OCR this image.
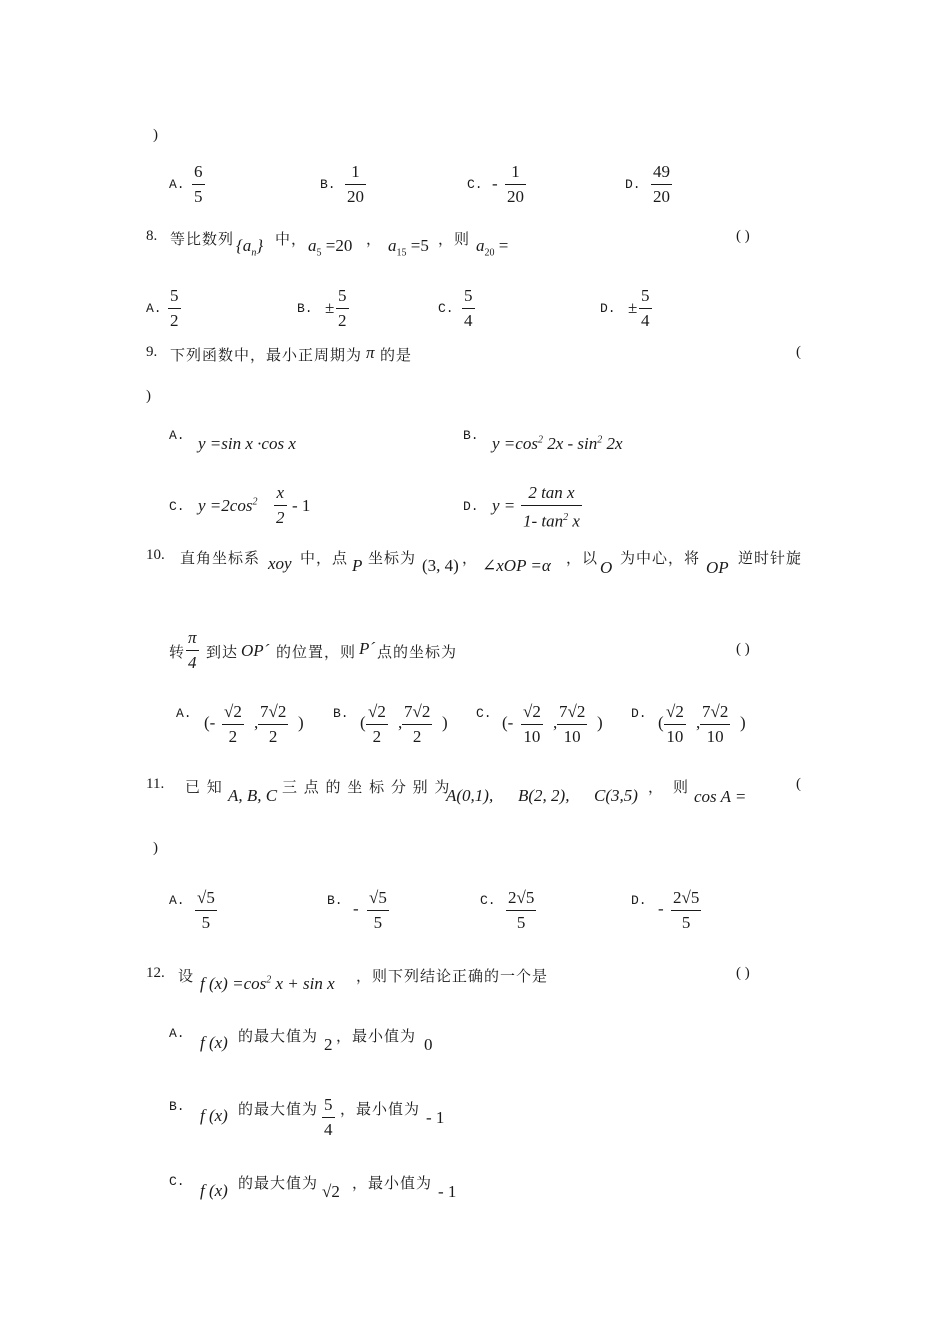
)
A.
6
5
B.
1
20
C. -
1
20
D.
49
20
8. 等比数列 $\{a_n\}$ 中， $a_5 =20$ ， $a_{15} =5$ ，则 $a_{20}$ =	( )
A.
5
2
B. ±
5
2
C.
5
4
D. ±
5
4
9. 下列函数中，最小正周期为 π 的是	(
)
A. y =sin x ·cos x	B. $y =\cos^2$ $2x - \sin^2 2x$
C. $y =2\cos^2$ x
2
- 1	D. y =
2 tan x
1- $\tan^2 x$
10. 直角坐标系 xoy 中，点 P 坐标为 (3, 4) ， ∠xOP =α ，以 O 为中心，将 OP 逆时针旋
转
π
4
到达 OP´ 的位置，则 P´ 点的坐标为	( )
A. (-
√2
2
,
7√2
2
) B. (
√2
2
,
7√2
2
) C. (-
√2
10
,
7√2
10
) D. (
√2
10
,
7√2
10
)
11. 已 知 A, B, C 三 点 的 坐 标 分 别 为
A(0,1), B(2, 2), C(3,5) ， 则 cos A =
(
)
A. √5
5
B. -
√5
5
C. 2√5
5
D. -
2√5
5
12. 设 f $(x) =\cos^2$ x + sin x ，则下列结论正确的一个是	( )
A. f (x) 的最大值为 2 ，最小值为 0
B. f (x) 的最大值为 5
4
，最小值为 - 1
C. f (x) 的最大值为 √2 ，最小值为 - 1
